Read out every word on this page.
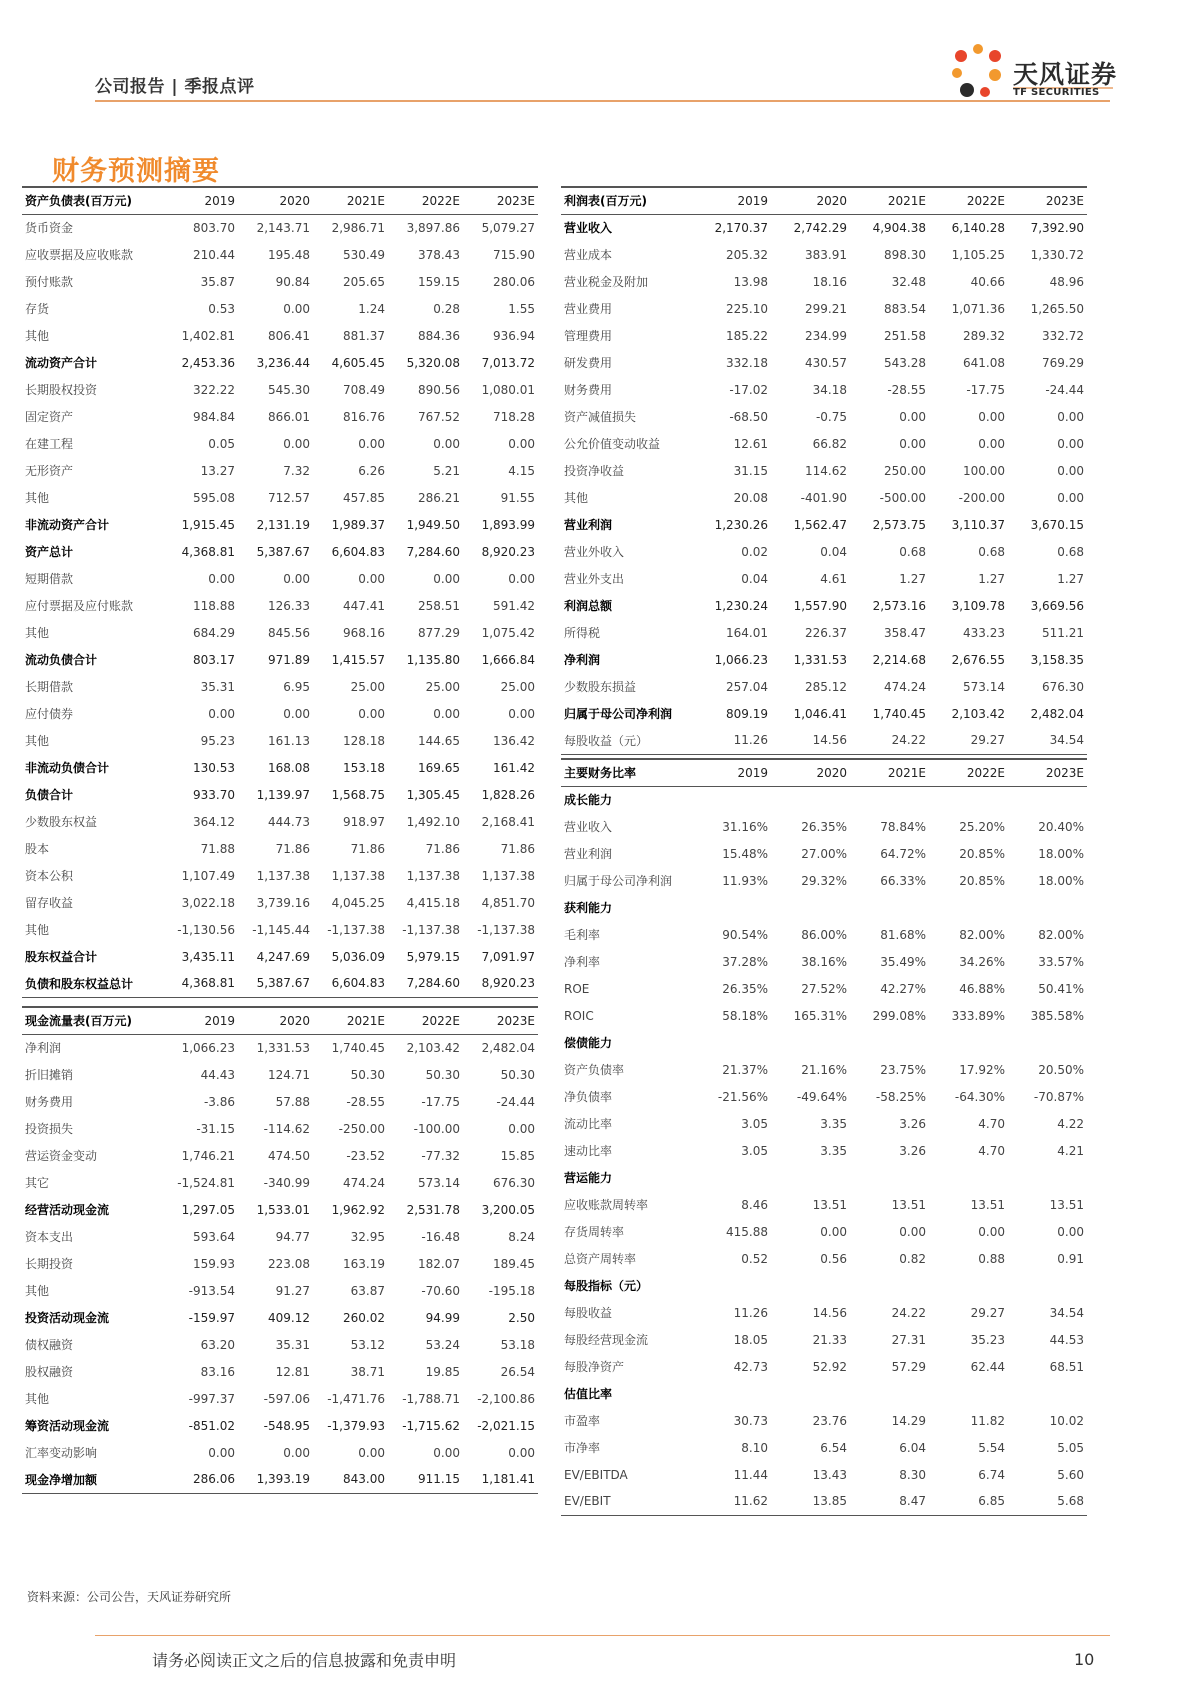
公司报告 | 季报点评	天风证券
TF SECURITIES
财务预测摘要
资产负债表(百万元)	2019	2020	2021E	2022E	2023E
货币资金	803.70	2,143.71	2,986.71	3,897.86	5,079.27
应收票据及应收账款	210.44	195.48	530.49	378.43	715.90
预付账款	35.87	90.84	205.65	159.15	280.06
存货	0.53	0.00	1.24	0.28	1.55
其他	1,402.81	806.41	881.37	884.36	936.94
流动资产合计	2,453.36	3,236.44	4,605.45	5,320.08	7,013.72
长期股权投资	322.22	545.30	708.49	890.56	1,080.01
固定资产	984.84	866.01	816.76	767.52	718.28
在建工程	0.05	0.00	0.00	0.00	0.00
无形资产	13.27	7.32	6.26	5.21	4.15
其他	595.08	712.57	457.85	286.21	91.55
非流动资产合计	1,915.45	2,131.19	1,989.37	1,949.50	1,893.99
资产总计	4,368.81	5,387.67	6,604.83	7,284.60	8,920.23
短期借款	0.00	0.00	0.00	0.00	0.00
应付票据及应付账款	118.88	126.33	447.41	258.51	591.42
其他	684.29	845.56	968.16	877.29	1,075.42
流动负债合计	803.17	971.89	1,415.57	1,135.80	1,666.84
长期借款	35.31	6.95	25.00	25.00	25.00
应付债券	0.00	0.00	0.00	0.00	0.00
其他	95.23	161.13	128.18	144.65	136.42
非流动负债合计	130.53	168.08	153.18	169.65	161.42
负债合计	933.70	1,139.97	1,568.75	1,305.45	1,828.26
少数股东权益	364.12	444.73	918.97	1,492.10	2,168.41
股本	71.88	71.86	71.86	71.86	71.86
资本公积	1,107.49	1,137.38	1,137.38	1,137.38	1,137.38
留存收益	3,022.18	3,739.16	4,045.25	4,415.18	4,851.70
其他	-1,130.56	-1,145.44	-1,137.38	-1,137.38	-1,137.38
股东权益合计	3,435.11	4,247.69	5,036.09	5,979.15	7,091.97
负债和股东权益总计	4,368.81	5,387.67	6,604.83	7,284.60	8,920.23
利润表(百万元)	2019	2020	2021E	2022E	2023E
营业收入	2,170.37	2,742.29	4,904.38	6,140.28	7,392.90
营业成本	205.32	383.91	898.30	1,105.25	1,330.72
营业税金及附加	13.98	18.16	32.48	40.66	48.96
营业费用	225.10	299.21	883.54	1,071.36	1,265.50
管理费用	185.22	234.99	251.58	289.32	332.72
研发费用	332.18	430.57	543.28	641.08	769.29
财务费用	-17.02	34.18	-28.55	-17.75	-24.44
资产减值损失	-68.50	-0.75	0.00	0.00	0.00
公允价值变动收益	12.61	66.82	0.00	0.00	0.00
投资净收益	31.15	114.62	250.00	100.00	0.00
其他	20.08	-401.90	-500.00	-200.00	0.00
营业利润	1,230.26	1,562.47	2,573.75	3,110.37	3,670.15
营业外收入	0.02	0.04	0.68	0.68	0.68
营业外支出	0.04	4.61	1.27	1.27	1.27
利润总额	1,230.24	1,557.90	2,573.16	3,109.78	3,669.56
所得税	164.01	226.37	358.47	433.23	511.21
净利润	1,066.23	1,331.53	2,214.68	2,676.55	3,158.35
少数股东损益	257.04	285.12	474.24	573.14	676.30
归属于母公司净利润	809.19	1,046.41	1,740.45	2,103.42	2,482.04
每股收益（元）	11.26	14.56	24.22	29.27	34.54
主要财务比率	2019	2020	2021E	2022E	2023E
成长能力					
营业收入	31.16%	26.35%	78.84%	25.20%	20.40%
营业利润	15.48%	27.00%	64.72%	20.85%	18.00%
归属于母公司净利润	11.93%	29.32%	66.33%	20.85%	18.00%
获利能力					
毛利率	90.54%	86.00%	81.68%	82.00%	82.00%
净利率	37.28%	38.16%	35.49%	34.26%	33.57%
ROE	26.35%	27.52%	42.27%	46.88%	50.41%
ROIC	58.18%	165.31%	299.08%	333.89%	385.58%
偿债能力					
资产负债率	21.37%	21.16%	23.75%	17.92%	20.50%
净负债率	-21.56%	-49.64%	-58.25%	-64.30%	-70.87%
流动比率	3.05	3.35	3.26	4.70	4.22
速动比率	3.05	3.35	3.26	4.70	4.21
营运能力					
应收账款周转率	8.46	13.51	13.51	13.51	13.51
存货周转率	415.88	0.00	0.00	0.00	0.00
总资产周转率	0.52	0.56	0.82	0.88	0.91
每股指标（元）					
每股收益	11.26	14.56	24.22	29.27	34.54
每股经营现金流	18.05	21.33	27.31	35.23	44.53
每股净资产	42.73	52.92	57.29	62.44	68.51
估值比率					
市盈率	30.73	23.76	14.29	11.82	10.02
市净率	8.10	6.54	6.04	5.54	5.05
EV/EBITDA	11.44	13.43	8.30	6.74	5.60
EV/EBIT	11.62	13.85	8.47	6.85	5.68
现金流量表(百万元)	2019	2020	2021E	2022E	2023E
净利润	1,066.23	1,331.53	1,740.45	2,103.42	2,482.04
折旧摊销	44.43	124.71	50.30	50.30	50.30
财务费用	-3.86	57.88	-28.55	-17.75	-24.44
投资损失	-31.15	-114.62	-250.00	-100.00	0.00
营运资金变动	1,746.21	474.50	-23.52	-77.32	15.85
其它	-1,524.81	-340.99	474.24	573.14	676.30
经营活动现金流	1,297.05	1,533.01	1,962.92	2,531.78	3,200.05
资本支出	593.64	94.77	32.95	-16.48	8.24
长期投资	159.93	223.08	163.19	182.07	189.45
其他	-913.54	91.27	63.87	-70.60	-195.18
投资活动现金流	-159.97	409.12	260.02	94.99	2.50
债权融资	63.20	35.31	53.12	53.24	53.18
股权融资	83.16	12.81	38.71	19.85	26.54
其他	-997.37	-597.06	-1,471.76	-1,788.71	-2,100.86
筹资活动现金流	-851.02	-548.95	-1,379.93	-1,715.62	-2,021.15
汇率变动影响	0.00	0.00	0.00	0.00	0.00
现金净增加额	286.06	1,393.19	843.00	911.15	1,181.41
资料来源：公司公告，天风证券研究所
请务必阅读正文之后的信息披露和免责申明	10
